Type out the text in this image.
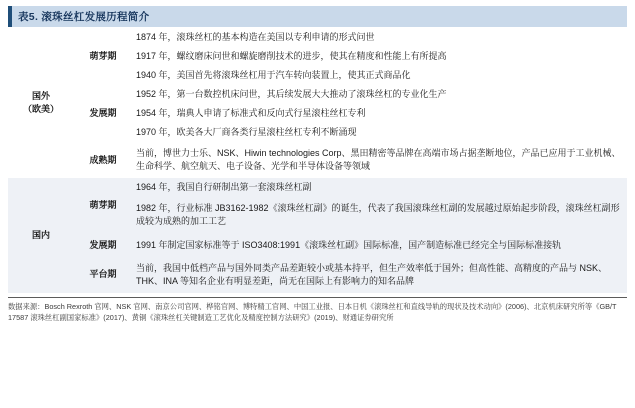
表5. 滚珠丝杠发展历程简介
国外
（欧美）	萌芽期	1874 年，滚珠丝杠的基本构造在美国以专利申请的形式问世
		1917 年，螺纹磨床问世和螺旋磨削技术的进步，使其在精度和性能上有所提高
		1940 年，美国首先将滚珠丝杠用于汽车转向装置上，使其正式商品化
	发展期	1952 年，第一台数控机床问世，其后续发展大大推动了滚珠丝杠的专业化生产
		1954 年，瑞典人申请了标准式和反向式行星滚柱丝杠专利
		1970 年，欧美各大厂商各类行星滚柱丝杠专利不断涌现
	成熟期	当前，博世力士乐、NSK、Hiwin technologies Corp、黑田精密等品牌在高端市场占据垄断地位，产品已应用于工业机械、生命科学、航空航天、电子设备、光学和半导体设备等领域

国内	萌芽期	1964 年，我国自行研制出第一套滚珠丝杠副
		1982 年，行业标准 JB3162-1982《滚珠丝杠副》的诞生，代表了我国滚珠丝杠副的发展越过原始起步阶段，滚珠丝杠副形成较为成熟的加工工艺
	发展期	1991 年制定国家标准等于 ISO3408:1991《滚珠丝杠副》国际标准，国产制造标准已经完全与国际标准接轨
	平台期	当前，我国中低档产品与国外同类产品差距较小或基本持平，但生产效率低于国外；但高性能、高精度的产品与 NSK、THK、INA 等知名企业有明显差距，尚无在国际上有影响力的知名品牌
数据来源：Bosch Rexroth 官网、NSK 官网、南京公司官网、桦铭官网、博特精工官网、中国工业报、日本日机《滚珠丝杠和直线导轨的现状及技术动向》(2006)、北京机床研究所等《GB/T 17587 滚珠丝杠副国家标准》(2017)、黄铜《滚珠丝杠关键制造工艺优化及精度控制方法研究》(2019)、财通证券研究所
